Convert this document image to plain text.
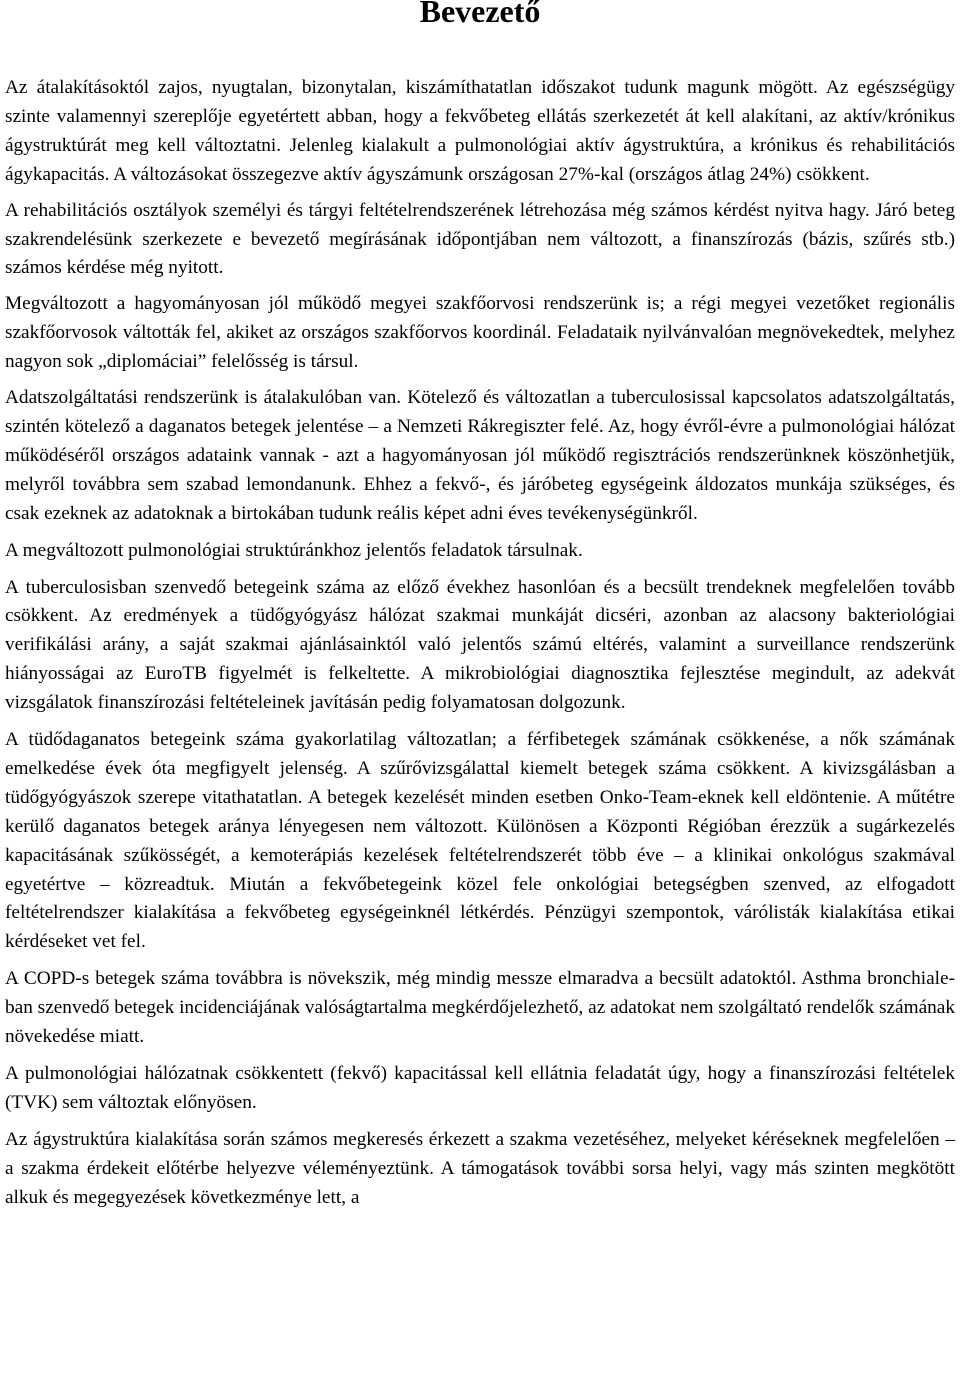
Bevezető

Az átalakításoktól zajos, nyugtalan, bizonytalan, kiszámíthatatlan időszakot tudunk magunk mögött. Az egészségügy szinte valamennyi szereplője egyetértett abban, hogy a fekvőbeteg ellátás szerkezetét át kell alakítani, az aktív/krónikus ágystruktúrát meg kell változtatni. Jelenleg kialakult a pulmonológiai aktív ágystruktúra, a krónikus és rehabilitációs ágykapacitás. A változásokat összegezve aktív ágyszámunk országosan 27%-kal (országos átlag 24%) csökkent.

A rehabilitációs osztályok személyi és tárgyi feltételrendszerének létrehozása még számos kérdést nyitva hagy. Járó beteg szakrendelésünk szerkezete e bevezető megírásának időpontjában nem változott, a finanszírozás (bázis, szűrés stb.) számos kérdése még nyitott.

Megváltozott a hagyományosan jól működő megyei szakfőorvosi rendszerünk is; a régi megyei vezetőket regionális szakfőorvosok váltották fel, akiket az országos szakfőorvos koordinál. Feladataik nyilvánvalóan megnövekedtek, melyhez nagyon sok „diplomáciai” felelősség is társul.

Adatszolgáltatási rendszerünk is átalakulóban van. Kötelező és változatlan a tuberculosissal kapcsolatos adatszolgáltatás, szintén kötelező a daganatos betegek jelentése – a Nemzeti Rákregiszter felé. Az, hogy évről-évre a pulmonológiai hálózat működéséről országos adataink vannak - azt a hagyományosan jól működő regisztrációs rendszerünknek köszönhetjük, melyről továbbra sem szabad lemondanunk. Ehhez a fekvő-, és járóbeteg egységeink áldozatos munkája szükséges, és csak ezeknek az adatoknak a birtokában tudunk reális képet adni éves tevékenységünkről.

A megváltozott pulmonológiai struktúránkhoz jelentős feladatok társulnak.

A tuberculosisban szenvedő betegeink száma az előző évekhez hasonlóan és a becsült trendeknek megfelelően tovább csökkent. Az eredmények a tüdőgyógyász hálózat szakmai munkáját dicséri, azonban az alacsony bakteriológiai verifikálási arány, a saját szakmai ajánlásainktól való jelentős számú eltérés, valamint a surveillance rendszerünk hiányosságai az EuroTB figyelmét is felkeltette. A mikrobiológiai diagnosztika fejlesztése megindult, az adekvát vizsgálatok finanszírozási feltételeinek javításán pedig folyamatosan dolgozunk.

A tüdődaganatos betegeink száma gyakorlatilag változatlan; a férfibetegek számának csökkenése, a nők számának emelkedése évek óta megfigyelt jelenség. A szűrővizsgálattal kiemelt betegek száma csökkent. A kivizsgálásban a tüdőgyógyászok szerepe vitathatatlan. A betegek kezelését minden esetben Onko-Team-eknek kell eldöntenie. A műtétre kerülő daganatos betegek aránya lényegesen nem változott. Különösen a Központi Régióban érezzük a sugárkezelés kapacitásának szűkösségét, a kemoterápiás kezelések feltételrendszerét több éve – a klinikai onkológus szakmával egyetértve – közreadtuk. Miután a fekvőbetegeink közel fele onkológiai betegségben szenved, az elfogadott feltételrendszer kialakítása a fekvőbeteg egységeinknél létkérdés. Pénzügyi szempontok, várólisták kialakítása etikai kérdéseket vet fel.

A COPD-s betegek száma továbbra is növekszik, még mindig messze elmaradva a becsült adatoktól. Asthma bronchiale-ban szenvedő betegek incidenciájának valóságtartalma megkérdőjelezhető, az adatokat nem szolgáltató rendelők számának növekedése miatt.

A pulmonológiai hálózatnak csökkentett (fekvő) kapacitással kell ellátnia feladatát úgy, hogy a finanszírozási feltételek (TVK) sem változtak előnyösen.

Az ágystruktúra kialakítása során számos megkeresés érkezett a szakma vezetéséhez, melyeket kéréseknek megfelelően – a szakma érdekeit előtérbe helyezve véleményeztünk. A támogatások további sorsa helyi, vagy más szinten megkötött alkuk és megegyezések következménye lett, a
